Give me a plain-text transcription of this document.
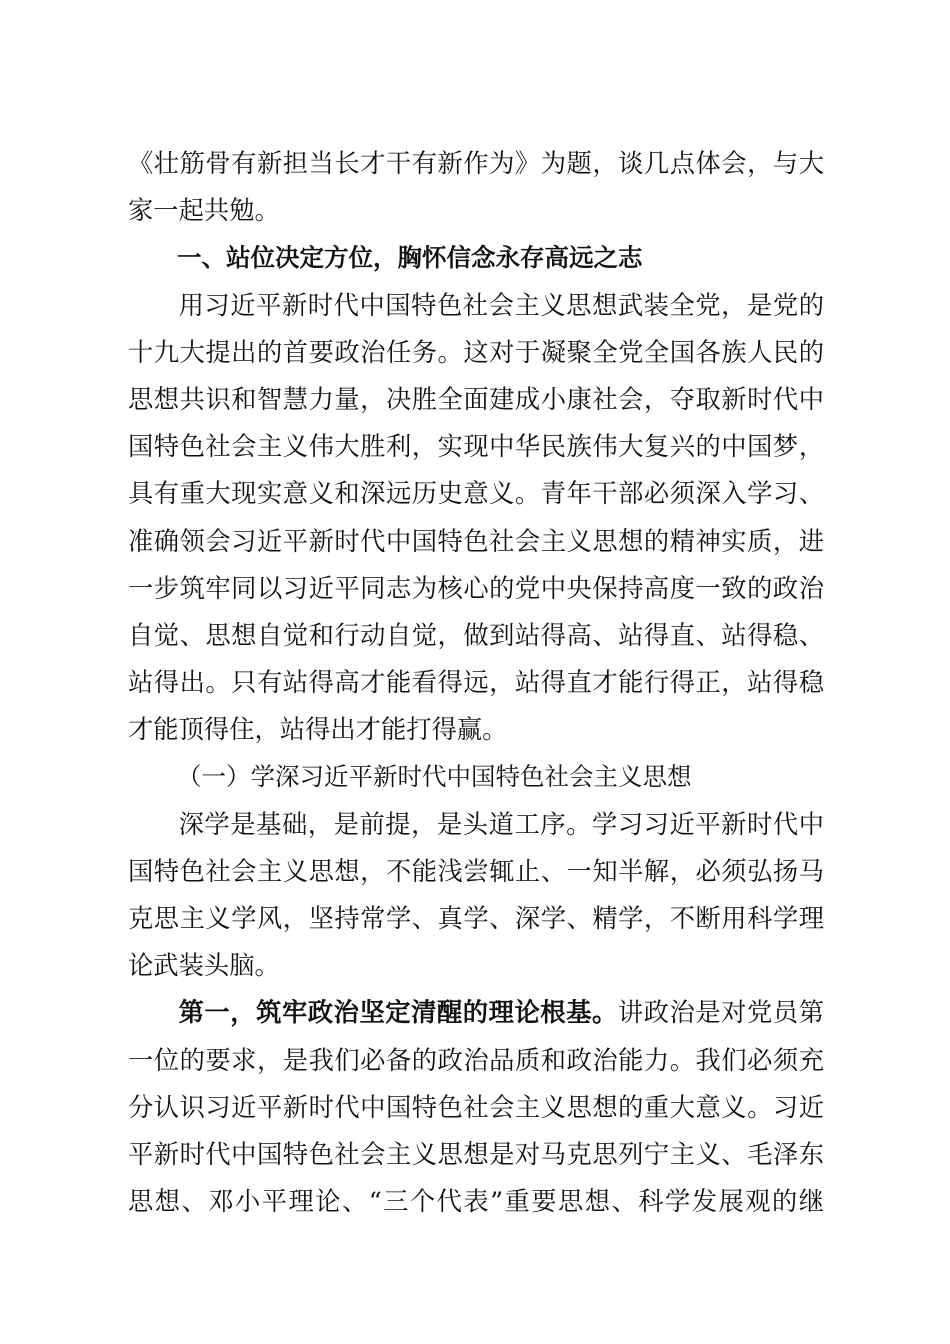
《壮筋骨有新担当长才干有新作为》为题，谈几点体会，与大
家一起共勉。
一、站位决定方位，胸怀信念永存高远之志
用习近平新时代中国特色社会主义思想武装全党，是党的
十九大提出的首要政治任务。这对于凝聚全党全国各族人民的
思想共识和智慧力量，决胜全面建成小康社会，夺取新时代中
国特色社会主义伟大胜利，实现中华民族伟大复兴的中国梦，
具有重大现实意义和深远历史意义。青年干部必须深入学习、
准确领会习近平新时代中国特色社会主义思想的精神实质，进
一步筑牢同以习近平同志为核心的党中央保持高度一致的政治
自觉、思想自觉和行动自觉，做到站得高、站得直、站得稳、
站得出。只有站得高才能看得远，站得直才能行得正，站得稳
才能顶得住，站得出才能打得赢。
（一）学深习近平新时代中国特色社会主义思想
深学是基础，是前提，是头道工序。学习习近平新时代中
国特色社会主义思想，不能浅尝辄止、一知半解，必须弘扬马
克思主义学风，坚持常学、真学、深学、精学，不断用科学理
论武装头脑。
第一，筑牢政治坚定清醒的理论根基。讲政治是对党员第
一位的要求，是我们必备的政治品质和政治能力。我们必须充
分认识习近平新时代中国特色社会主义思想的重大意义。习近
平新时代中国特色社会主义思想是对马克思列宁主义、毛泽东
思想、邓小平理论、“三个代表”重要思想、科学发展观的继
